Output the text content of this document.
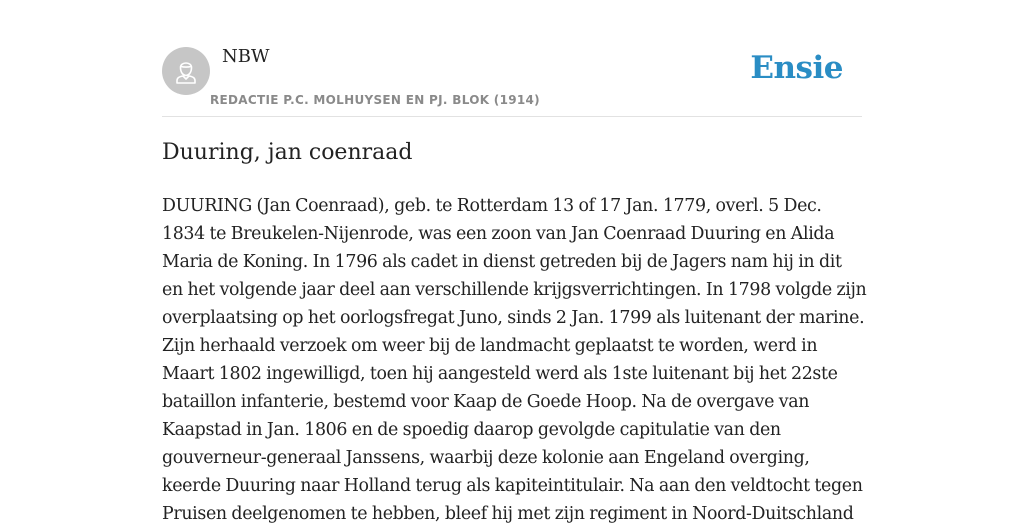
NBW
REDACTIE P.C. MOLHUYSEN EN PJ. BLOK (1914)
Ensie
Duuring, jan coenraad

DUURING (Jan Coenraad), geb. te Rotterdam 13 of 17 Jan. 1779, overl. 5 Dec. 1834 te Breukelen-Nijenrode, was een zoon van Jan Coenraad Duuring en Alida Maria de Koning. In 1796 als cadet in dienst getreden bij de Jagers nam hij in dit en het volgende jaar deel aan verschillende krijgsverrichtingen. In 1798 volgde zijn overplaatsing op het oorlogsfregat Juno, sinds 2 Jan. 1799 als luitenant der marine. Zijn herhaald verzoek om weer bij de landmacht geplaatst te worden, werd in Maart 1802 ingewilligd, toen hij aangesteld werd als 1ste luitenant bij het 22ste bataillon infanterie, bestemd voor Kaap de Goede Hoop. Na de overgave van Kaapstad in Jan. 1806 en de spoedig daarop gevolgde capitulatie van den gouverneur-generaal Janssens, waarbij deze kolonie aan Engeland overging, keerde Duuring naar Holland terug als kapiteintitulair. Na aan den veldtocht tegen Pruisen deelgenomen te hebben, bleef hij met zijn regiment in Noord-Duitschland
